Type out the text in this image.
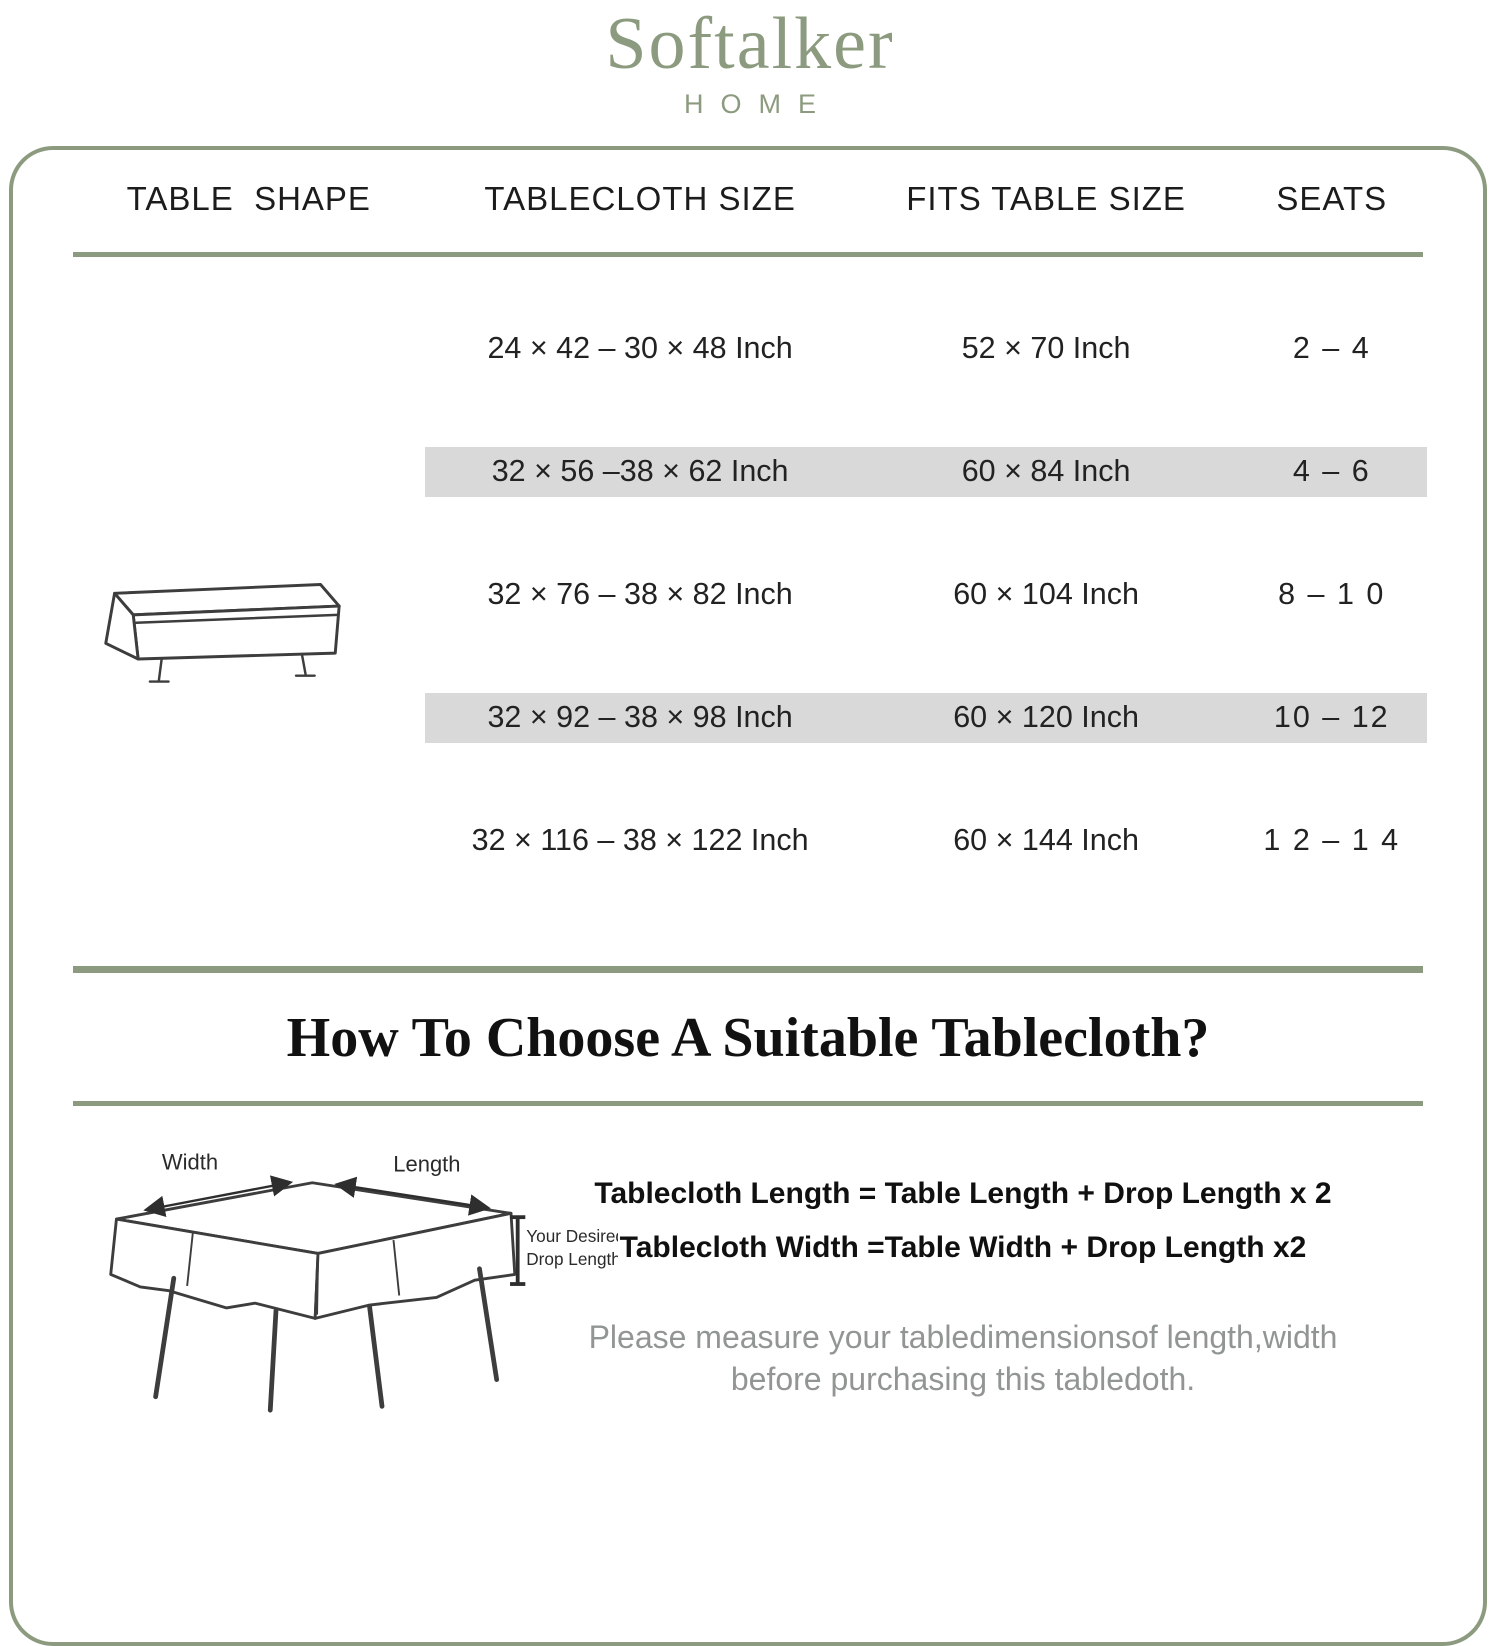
Softalker
HOME
TABLE  SHAPE	TABLECLOTH SIZE	FITS TABLE SIZE	SEATS
24 × 42 – 30 × 48 Inch	52 × 70 Inch	2 – 4
32 × 56 –38 × 62 Inch	60 × 84 Inch	4 – 6
32 × 76 – 38 × 82 Inch	60 × 104 Inch	8 – 1 0
32 × 92 – 38 × 98 Inch	60 × 120 Inch	10 – 12
32 × 116 – 38 × 122 Inch	60 × 144 Inch	1 2 – 1 4
How To Choose A Suitable Tablecloth?
Width	Length
Your Desired
Drop Length

Tablecloth Length = Table Length + Drop Length x 2

Tablecloth Width =Table Width + Drop Length x2

Please measure your tabledimensionsof length,width
before purchasing this tabledoth.
